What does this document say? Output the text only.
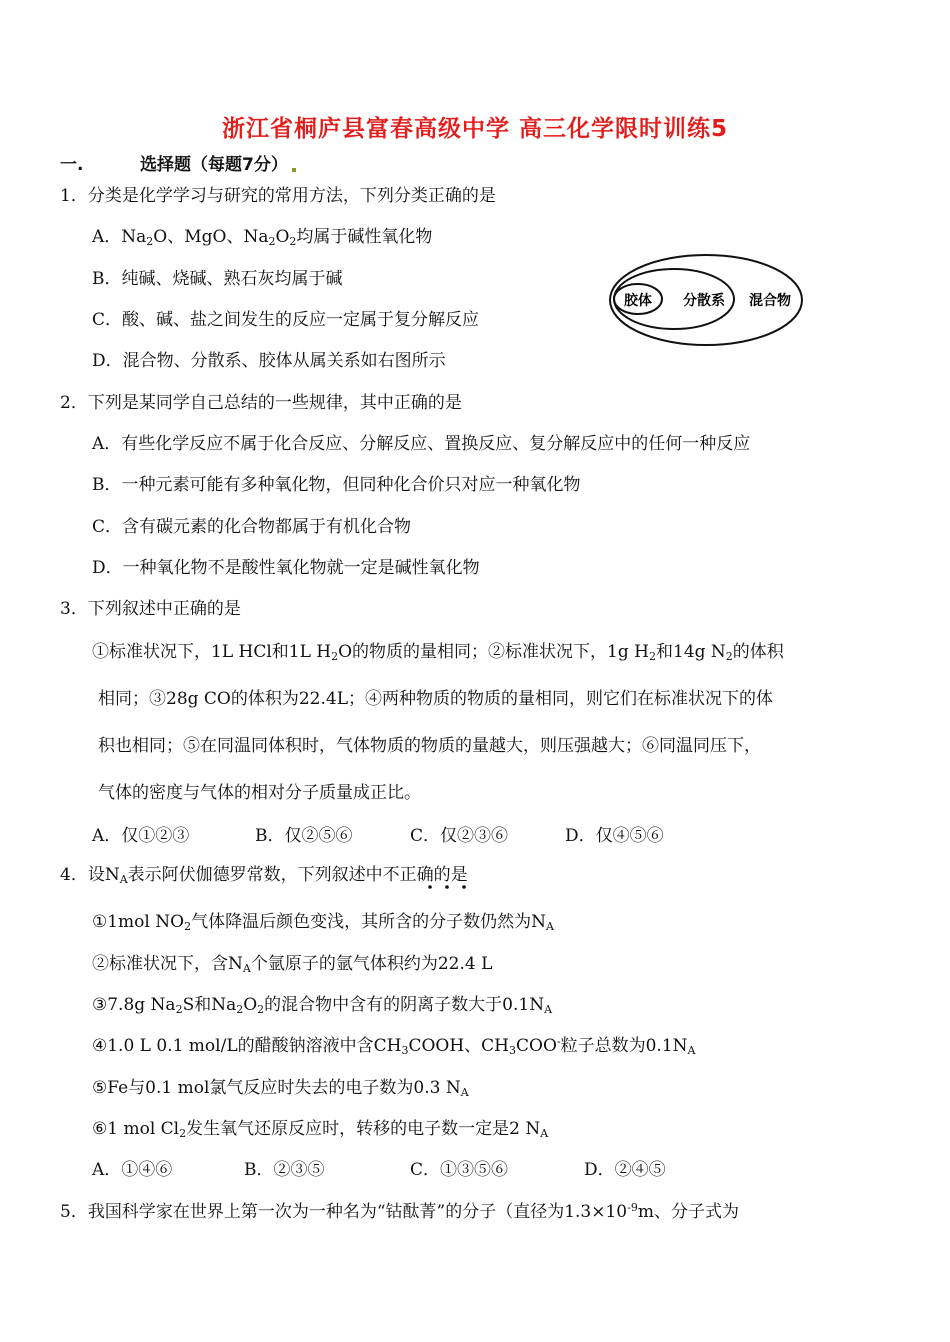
浙江省桐庐县富春高级中学 高三化学限时训练5
一.	选择题（每题7分）
1．分类是化学学习与研究的常用方法，下列分类正确的是
A．$Na_2O$、MgO、$Na_2O_2$均属于碱性氧化物
B．纯碱、烧碱、熟石灰均属于碱
C．酸、碱、盐之间发生的反应一定属于复分解反应
D．混合物、分散系、胶体从属关系如右图所示
胶体 分散系 混合物
2．下列是某同学自己总结的一些规律，其中正确的是
A．有些化学反应不属于化合反应、分解反应、置换反应、复分解反应中的任何一种反应
B．一种元素可能有多种氧化物，但同种化合价只对应一种氧化物
C．含有碳元素的化合物都属于有机化合物
D．一种氧化物不是酸性氧化物就一定是碱性氧化物
3．下列叙述中正确的是
①标准状况下，1L HCl和1L $H_2O$的物质的量相同；②标准状况下，1g $H_2$和14g $N_2$的体积
相同；③28g CO的体积为22.4L；④两种物质的物质的量相同，则它们在标准状况下的体
积也相同；⑤在同温同体积时，气体物质的物质的量越大，则压强越大；⑥同温同压下，
气体的密度与气体的相对分子质量成正比。
A．仅①②③	B．仅②⑤⑥	C．仅②③⑥	D．仅④⑤⑥
4．设$N_A$表示阿伏伽德罗常数，下列叙述中不正确的是
①1mol $NO_2$气体降温后颜色变浅，其所含的分子数仍然为$N_A$
②标准状况下，含$N_A$个氩原子的氩气体积约为22.4 L
③7.8g $Na_2S$和$Na_2O_2$的混合物中含有的阴离子数大于$0.1N_A$
④1.0 L 0.1 mol/L的醋酸钠溶液中含$CH_3COOH$、$CH_3COO^-$粒子总数为$0.1N_A$
⑤Fe与0.1 mol氯气反应时失去的电子数为0.3 $N_A$
⑥1 mol $Cl_2$发生氧气还原反应时，转移的电子数一定是2 $N_A$
A．①④⑥	B．②③⑤	C．①③⑤⑥	D．②④⑤
5．我国科学家在世界上第一次为一种名为“钴酞菁”的分子（直径为$1.3\times 10^{-9}m$、分子式为
